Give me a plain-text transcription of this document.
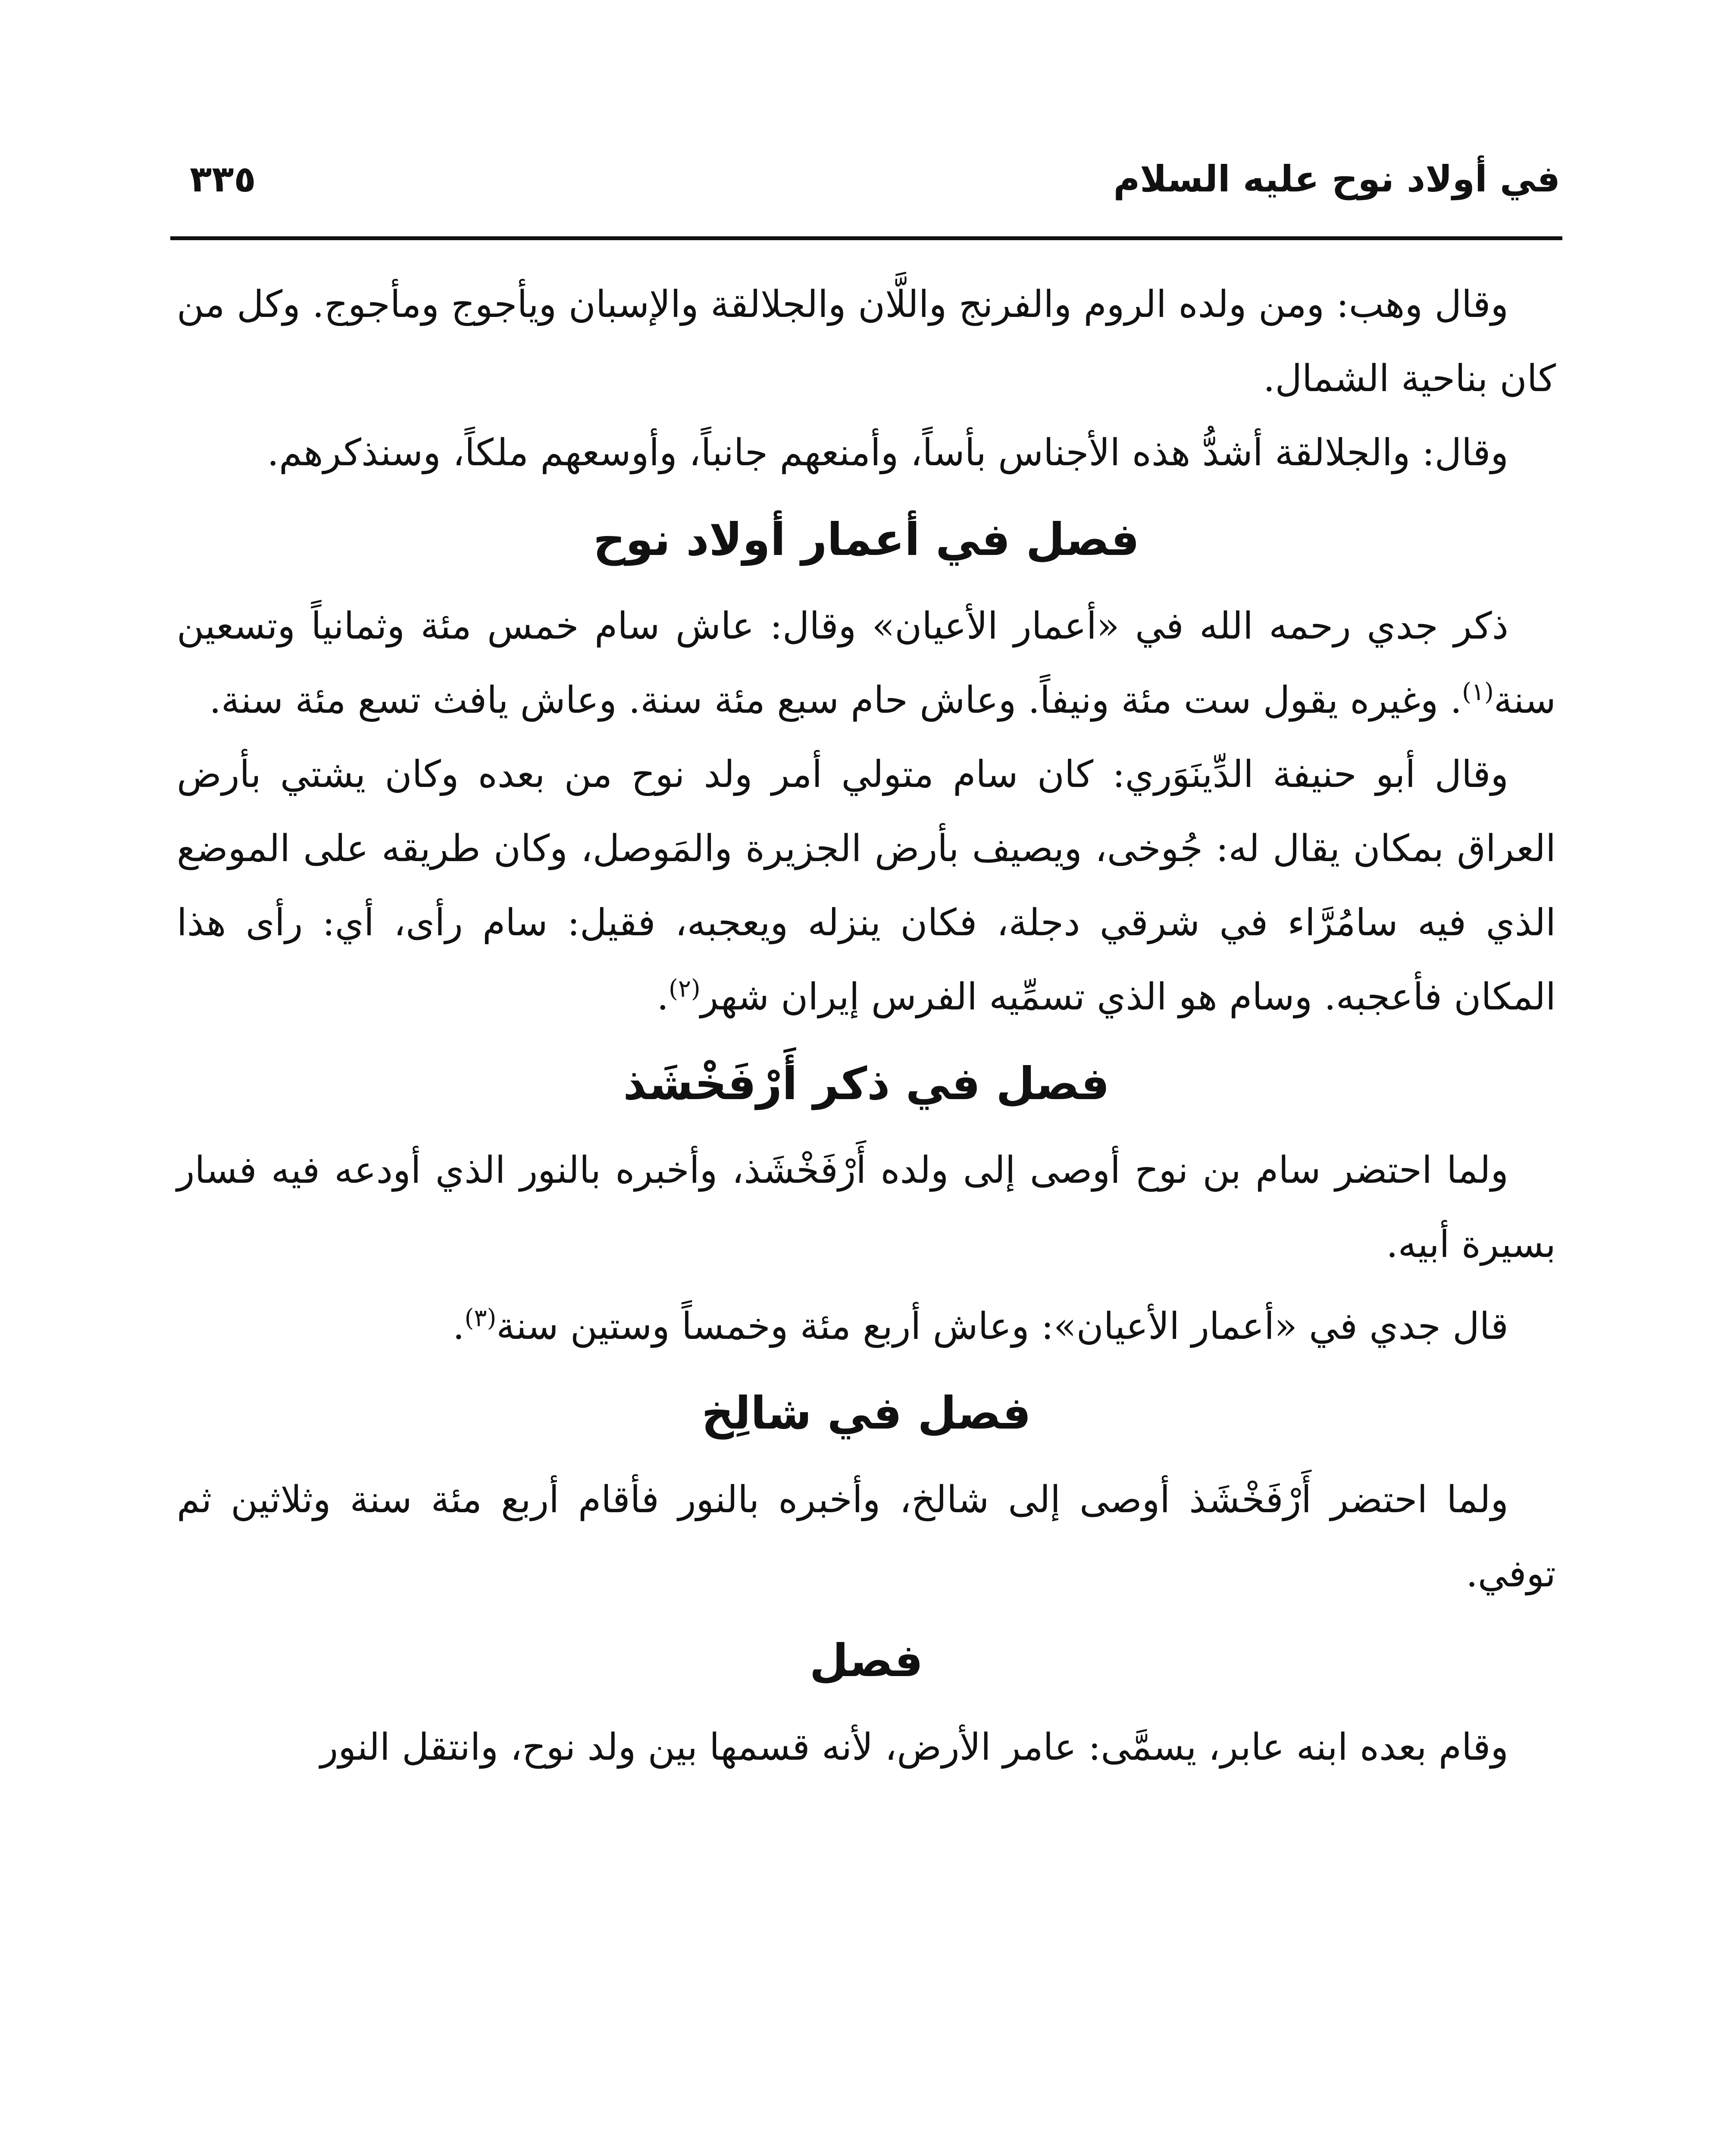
في أولاد نوح عليه السلام
٣٣٥

وقال وهب: ومن ولده الروم والفرنج واللَّان والجلالقة والإسبان ويأجوج ومأجوج. وكل من كان بناحية الشمال.

وقال: والجلالقة أشدُّ هذه الأجناس بأساً، وأمنعهم جانباً، وأوسعهم ملكاً، وسنذكرهم.

فصل في أعمار أولاد نوح

ذكر جدي رحمه الله في «أعمار الأعيان» وقال: عاش سام خمس مئة وثمانياً وتسعين سنة$^{(١)}$. وغيره يقول ست مئة ونيفاً. وعاش حام سبع مئة سنة. وعاش يافث تسع مئة سنة.

وقال أبو حنيفة الدِّينَوَري: كان سام متولي أمر ولد نوح من بعده وكان يشتي بأرض العراق بمكان يقال له: جُوخى، ويصيف بأرض الجزيرة والمَوصل، وكان طريقه على الموضع الذي فيه سامُرَّاء في شرقي دجلة، فكان ينزله ويعجبه، فقيل: سام رأى، أي: رأى هذا المكان فأعجبه. وسام هو الذي تسمِّيه الفرس إيران شهر$^{(٢)}$.

فصل في ذكر أَرْفَخْشَذ

ولما احتضر سام بن نوح أوصى إلى ولده أَرْفَخْشَذ، وأخبره بالنور الذي أودعه فيه فسار بسيرة أبيه.

قال جدي في «أعمار الأعيان»: وعاش أربع مئة وخمساً وستين سنة$^{(٣)}$.

فصل في شالِخ

ولما احتضر أَرْفَخْشَذ أوصى إلى شالخ، وأخبره بالنور فأقام أربع مئة سنة وثلاثين ثم توفي.

فصل

وقام بعده ابنه عابر، يسمَّى: عامر الأرض، لأنه قسمها بين ولد نوح، وانتقل النور
